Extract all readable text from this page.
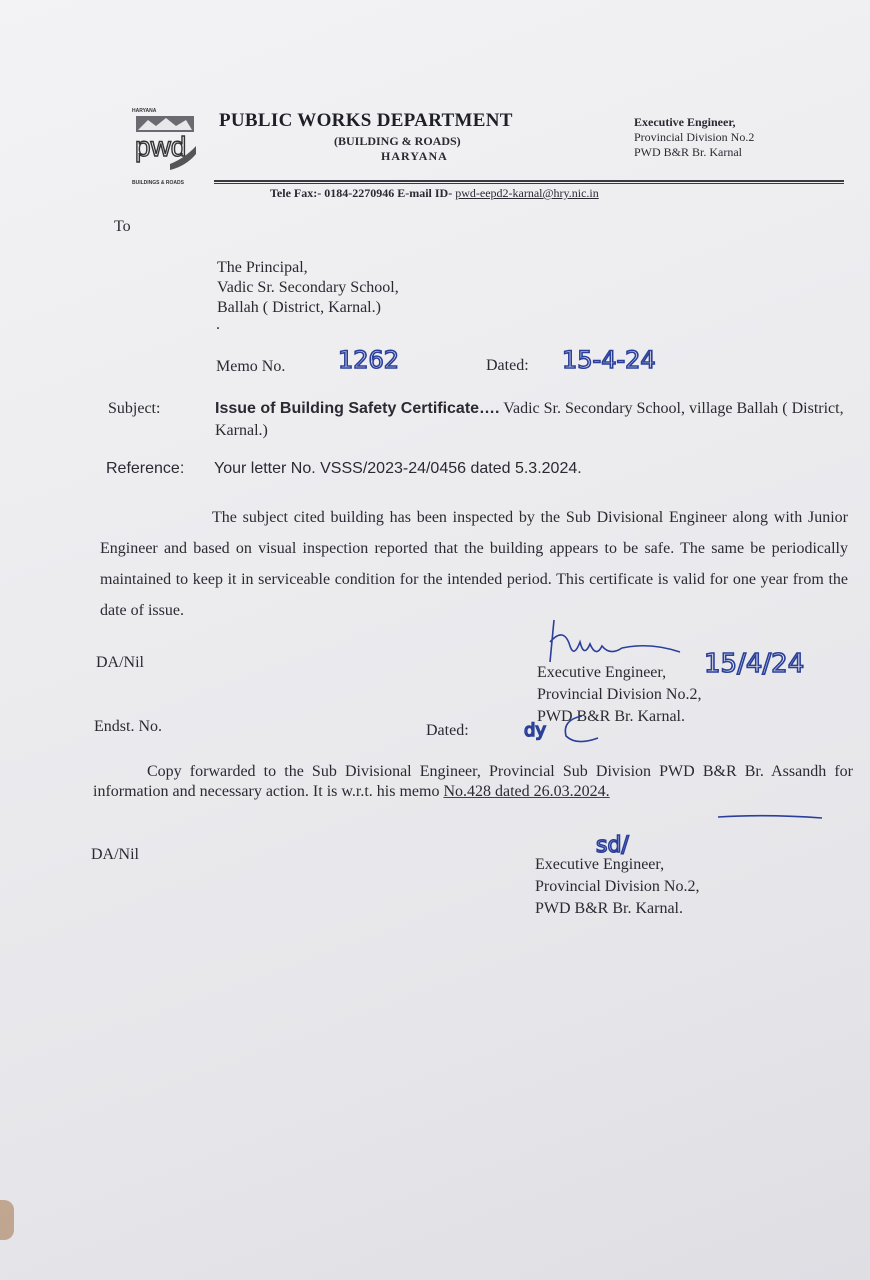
HARYANA
pwd
BUILDINGS & ROADS
PUBLIC WORKS DEPARTMENT
(BUILDING & ROADS)
HARYANA
Executive Engineer,
Provincial Division No.2
PWD B&R Br. Karnal
Tele Fax:- 0184-2270946 E-mail ID- pwd-eepd2-karnal@hry.nic.in
To
The Principal,
Vadic Sr. Secondary School,
Ballah ( District, Karnal.)
.
Memo No. 1262	Dated: 15-4-24
Subject:	Issue of Building Safety Certificate…. Vadic Sr. Secondary School, village Ballah ( District, Karnal.)
Reference: Your letter No. VSSS/2023-24/0456 dated 5.3.2024.
The subject cited building has been inspected by the Sub Divisional Engineer along with Junior Engineer and based on visual inspection reported that the building appears to be safe. The same be periodically maintained to keep it in serviceable condition for the intended period. This certificate is valid for one year from the date of issue.
DA/Nil	15/4/24
Executive Engineer,
Provincial Division No.2,
PWD B&R Br. Karnal.
dy
Endst. No.	Dated:
Copy forwarded to the Sub Divisional Engineer, Provincial Sub Division PWD B&R Br. Assandh for information and necessary action. It is w.r.t. his memo No.428 dated 26.03.2024.
DA/Nil	sd/
Executive Engineer,
Provincial Division No.2,
PWD B&R Br. Karnal.
